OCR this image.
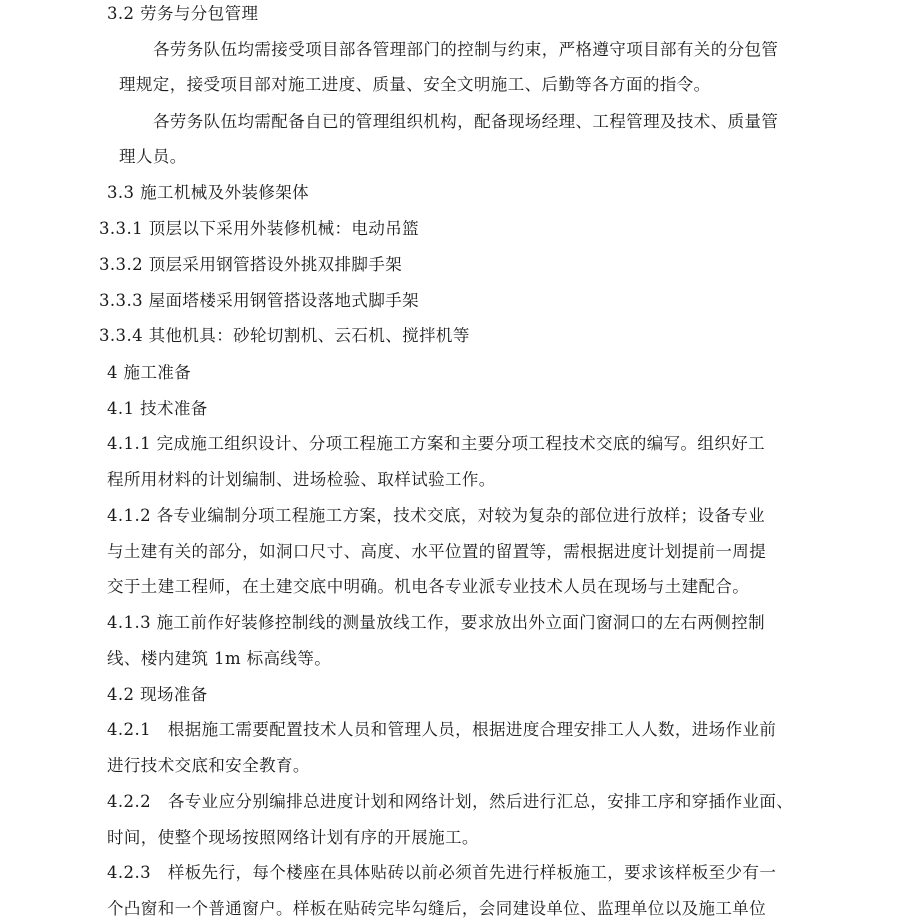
3.2 劳务与分包管理
各劳务队伍均需接受项目部各管理部门的控制与约束，严格遵守项目部有关的分包管
理规定，接受项目部对施工进度、质量、安全文明施工、后勤等各方面的指令。
各劳务队伍均需配备自已的管理组织机构，配备现场经理、工程管理及技术、质量管
理人员。
3.3 施工机械及外装修架体
3.3.1 顶层以下采用外装修机械：电动吊篮
3.3.2 顶层采用钢管搭设外挑双排脚手架
3.3.3 屋面塔楼采用钢管搭设落地式脚手架
3.3.4 其他机具：砂轮切割机、云石机、搅拌机等
4 施工准备
4.1 技术准备
4.1.1 完成施工组织设计、分项工程施工方案和主要分项工程技术交底的编写。组织好工
程所用材料的计划编制、进场检验、取样试验工作。
4.1.2 各专业编制分项工程施工方案，技术交底，对较为复杂的部位进行放样；设备专业
与土建有关的部分，如洞口尺寸、高度、水平位置的留置等，需根据进度计划提前一周提
交于土建工程师，在土建交底中明确。机电各专业派专业技术人员在现场与土建配合。
4.1.3 施工前作好装修控制线的测量放线工作，要求放出外立面门窗洞口的左右两侧控制
线、楼内建筑 1m 标高线等。
4.2 现场准备
4.2.1　根据施工需要配置技术人员和管理人员，根据进度合理安排工人人数，进场作业前
进行技术交底和安全教育。
4.2.2　各专业应分别编排总进度计划和网络计划，然后进行汇总，安排工序和穿插作业面、
时间，使整个现场按照网络计划有序的开展施工。
4.2.3　样板先行，每个楼座在具体贴砖以前必须首先进行样板施工，要求该样板至少有一
个凸窗和一个普通窗户。样板在贴砖完毕勾缝后，会同建设单位、监理单位以及施工单位
